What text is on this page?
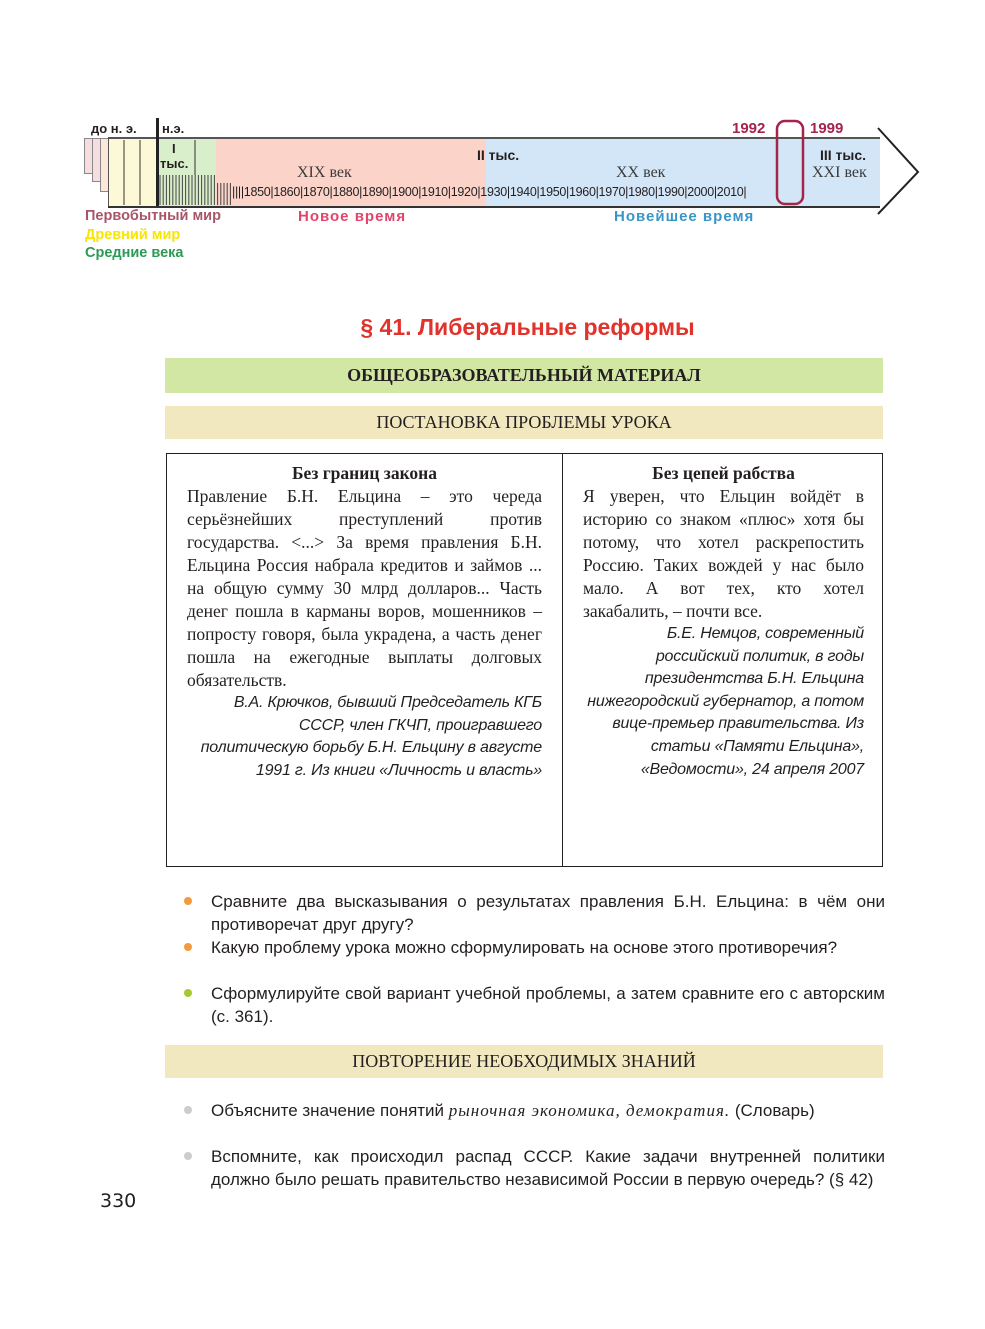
до н. э. н.э.
I
тыс.
II тыс.	III тыс.
XIX век	XX век	XXI век
||||1850|1860|1870|1880|1890|1900|1910|1920|1930|1940|1950|1960|1970|1980|1990|2000|2010|
1992	1999
Первобытный мир
Древний мир
Средние века
Новое время	Новейшее время
§ 41. Либеральные реформы
ОБЩЕОБРАЗОВАТЕЛЬНЫЙ МАТЕРИАЛ
ПОСТАНОВКА ПРОБЛЕМЫ УРОКА
Без границ закона
Правление Б.Н. Ельцина – это череда серьёзнейших преступлений против государства. <...> За время правления Б.Н. Ельцина Россия набрала кредитов и займов ... на общую сумму 30 млрд долларов... Часть денег пошла в карманы воров, мошенников – попросту говоря, была украдена, а часть денег пошла на ежегодные выплаты долговых обязательств.
В.А. Крючков, бывший Председатель КГБ СССР, член ГКЧП, проигравшего политическую борьбу Б.Н. Ельцину в августе 1991 г. Из книги «Личность и власть»
Без цепей рабства
Я уверен, что Ельцин войдёт в историю со знаком «плюс» хотя бы потому, что хотел раскрепостить Россию. Таких вождей у нас было мало. А вот тех, кто хотел закабалить, – почти все.
Б.Е. Немцов, современный российский политик, в годы президентства Б.Н. Ельцина нижегородский губернатор, а потом вице-премьер правительства. Из статьи «Памяти Ельцина», «Ведомости», 24 апреля 2007
Сравните два высказывания о результатах правления Б.Н. Ельцина: в чём они противоречат друг другу?
Какую проблему урока можно сформулировать на основе этого противоречия?
Сформулируйте свой вариант учебной проблемы, а затем сравните его с авторским (с. 361).
ПОВТОРЕНИЕ НЕОБХОДИМЫХ ЗНАНИЙ
Объясните значение понятий рыночная экономика, демократия. (Словарь)
Вспомните, как происходил распад СССР. Какие задачи внутренней политики должно было решать правительство независимой России в первую очередь? (§ 42)
330
